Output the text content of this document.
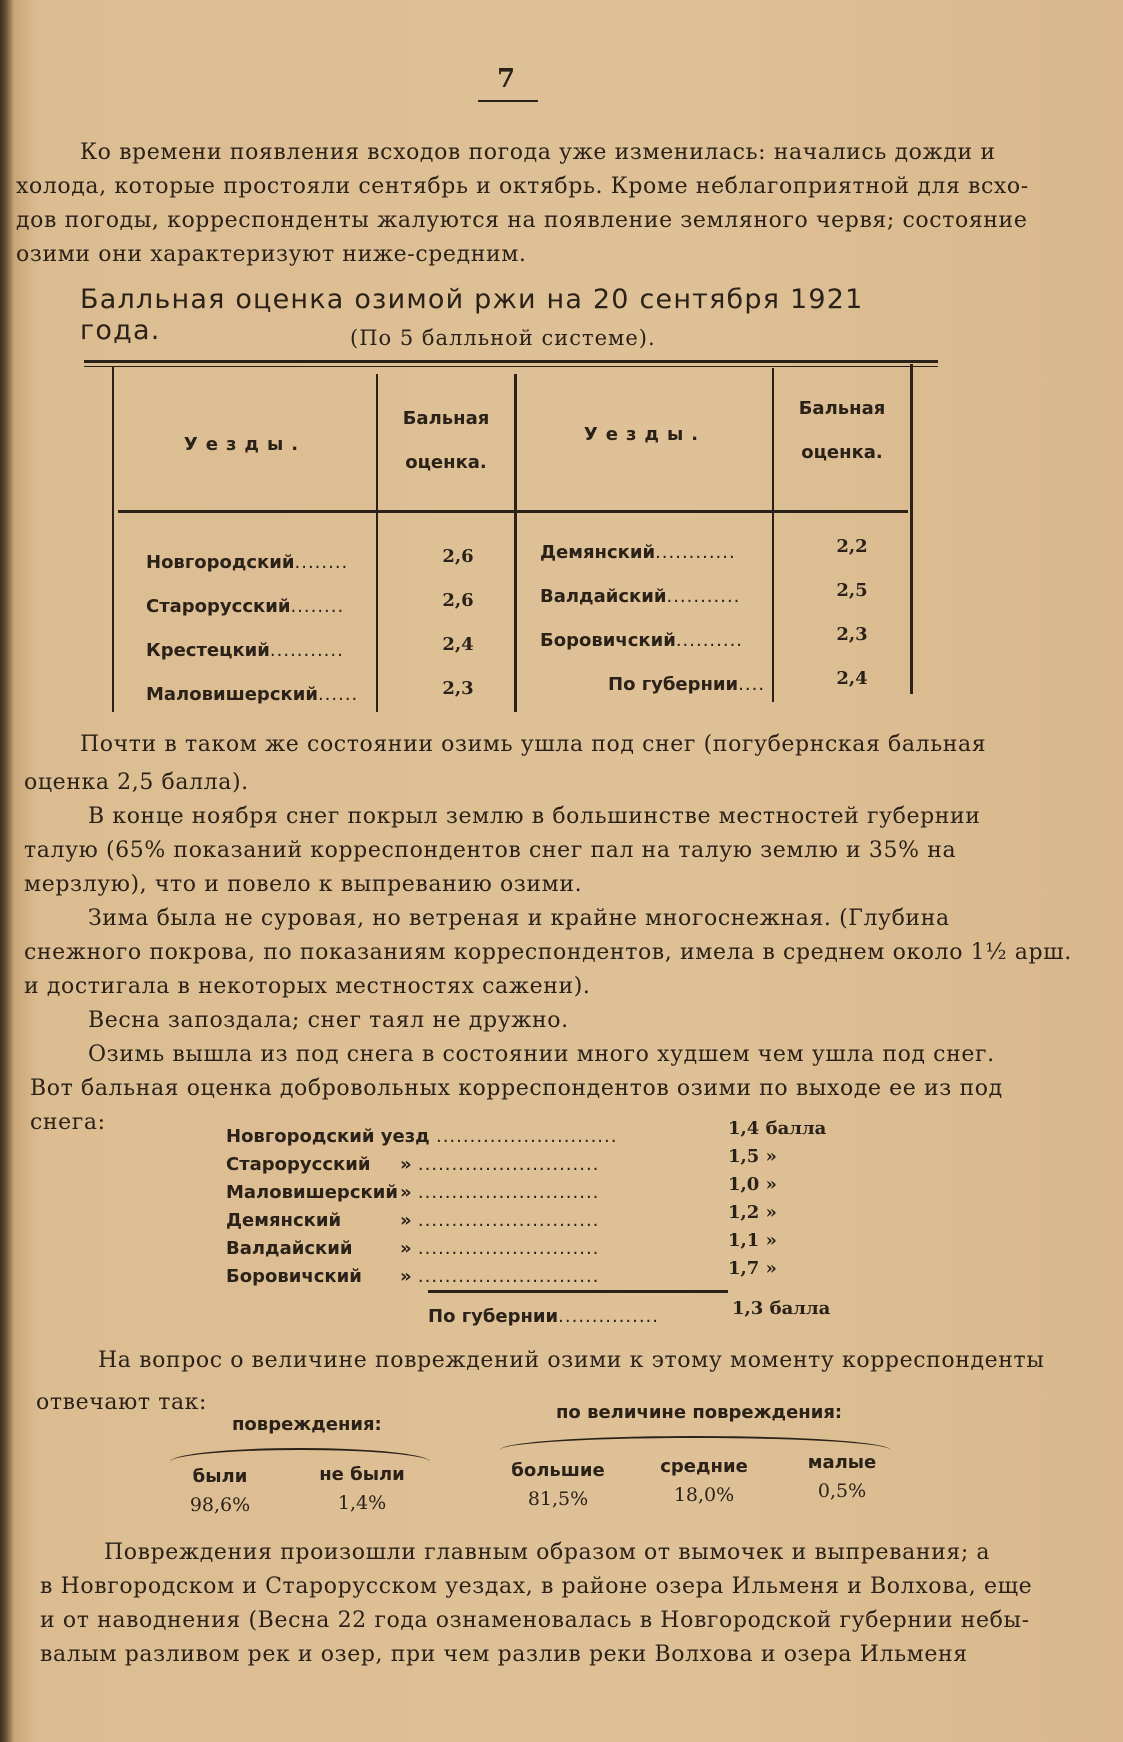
7

Ко времени появления всходов погода уже изменилась: начались дожди и

холода, которые простояли сентябрь и октябрь. Кроме неблагоприятной для всхо-

дов погоды, корреспонденты жалуются на появление земляного червя; состояние

озими они характеризуют ниже-средним.

Балльная оценка озимой ржи на 20 сентября 1921 года.	(По 5 балльной системе).
Уезды.
Бальная
оценка.
Уезды.
Бальная
оценка.
Новгородский........	2,6
Старорусский........	2,6
Крестецкий...........	2,4
Маловишерский......	2,3
Демянский............	2,2
Валдайский...........	2,5
Боровичский..........	2,3
По губернии....	2,4

Почти в таком же состоянии озимь ушла под снег (погубернская бальная

оценка 2,5 балла).

В конце ноября снег покрыл землю в большинстве местностей губернии

талую (65% показаний корреспондентов снег пал на талую землю и 35% на

мерзлую), что и повело к выпреванию озими.

Зима была не суровая, но ветреная и крайне многоснежная. (Глубина

снежного покрова, по показаниям корреспондентов, имела в среднем около 1½ арш.

и достигала в некоторых местностях сажени).

Весна запоздала; снег таял не дружно.

Озимь вышла из под снега в состоянии много худшем чем ушла под снег.

Вот бальная оценка добровольных корреспондентов озими по выходе ее из под

снега:

Новгородский уезд ...........................	1,4 балла
Старорусский » ...........................	1,5 »
Маловишерский » ...........................	1,0 »
Демянский	» ...........................	1,2 »
Валдайский	» ...........................	1,1 »
Боровичский » ...........................	1,7 »
По губернии...............	1,3 балла

На вопрос о величине повреждений озими к этому моменту корреспонденты

отвечают так:

повреждения:
по величине повреждения:
были
98,6%
не были
1,4%
большие
81,5%
средние
18,0%
малые
0,5%

Повреждения произошли главным образом от вымочек и выпревания; а

в Новгородском и Старорусском уездах, в районе озера Ильменя и Волхова, еще

и от наводнения (Весна 22 года ознаменовалась в Новгородской губернии небы-

валым разливом рек и озер, при чем разлив реки Волхова и озера Ильменя
